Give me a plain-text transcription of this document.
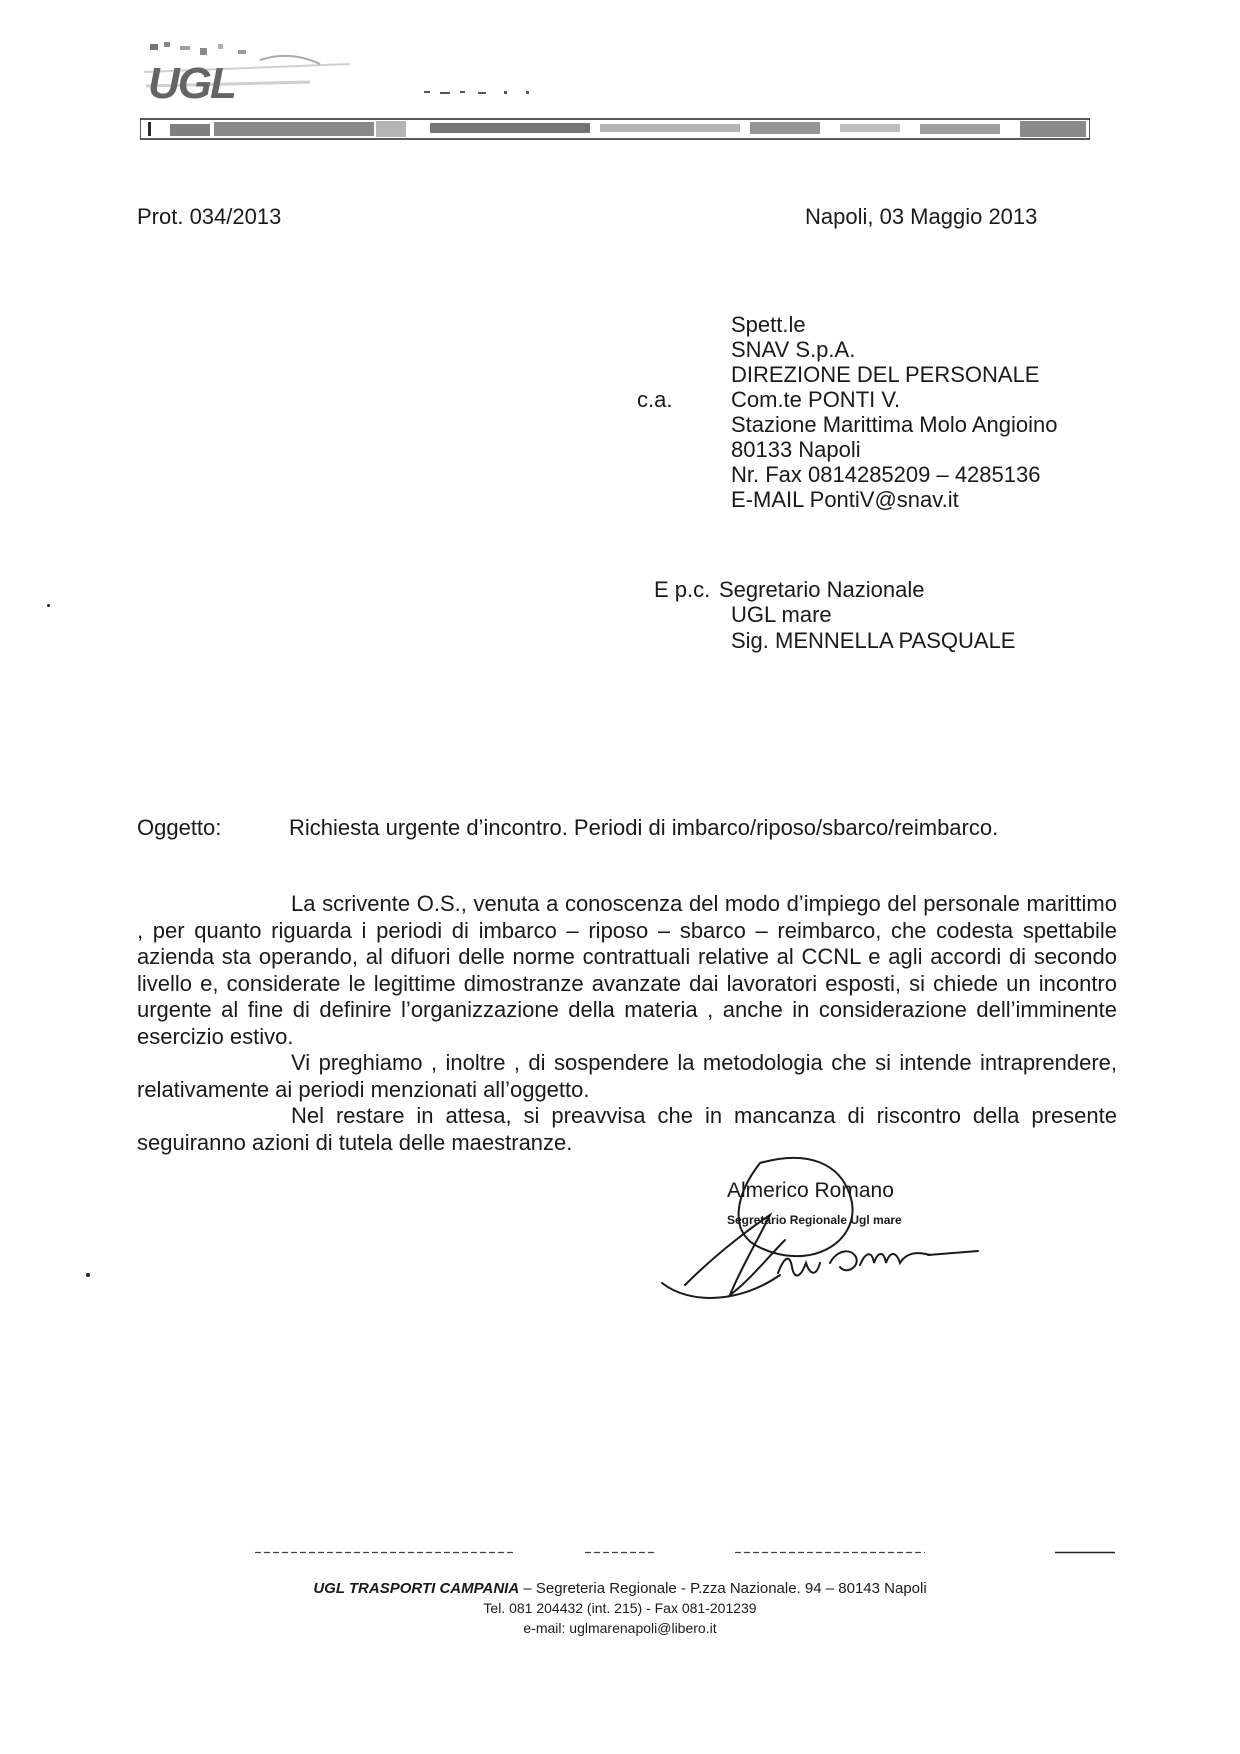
UGL
Prot. 034/2013	Napoli, 03 Maggio 2013
Spett.le
SNAV S.p.A.
DIREZIONE DEL PERSONALE
c.a.	Com.te PONTI V.
Stazione Marittima Molo Angioino
80133 Napoli
Nr. Fax 0814285209 – 4285136
E-MAIL PontiV@snav.it
E p.c. Segretario Nazionale
UGL mare
Sig. MENNELLA PASQUALE
Oggetto:	Richiesta urgente d’incontro. Periodi di imbarco/riposo/sbarco/reimbarco.

La scrivente O.S., venuta a conoscenza del modo d’impiego del personale marittimo , per quanto riguarda i periodi di imbarco – riposo – sbarco – reimbarco, che codesta spettabile azienda sta operando, al difuori delle norme contrattuali relative al CCNL e agli accordi di secondo livello e, considerate le legittime dimostranze avanzate dai lavoratori esposti, si chiede un incontro urgente al fine di definire l’organizzazione della materia , anche in considerazione dell’imminente esercizio estivo.

Vi preghiamo , inoltre , di sospendere la metodologia che si intende intraprendere, relativamente ai periodi menzionati all’oggetto.

Nel restare in attesa, si preavvisa che in mancanza di riscontro della presente seguiranno azioni di tutela delle maestranze.

Almerico Romano
Segretario Regionale Ugl mare
UGL TRASPORTI CAMPANIA – Segreteria Regionale - P.zza Nazionale. 94 – 80143 Napoli
Tel. 081 204432 (int. 215) - Fax 081-201239
e-mail: uglmarenapoli@libero.it
